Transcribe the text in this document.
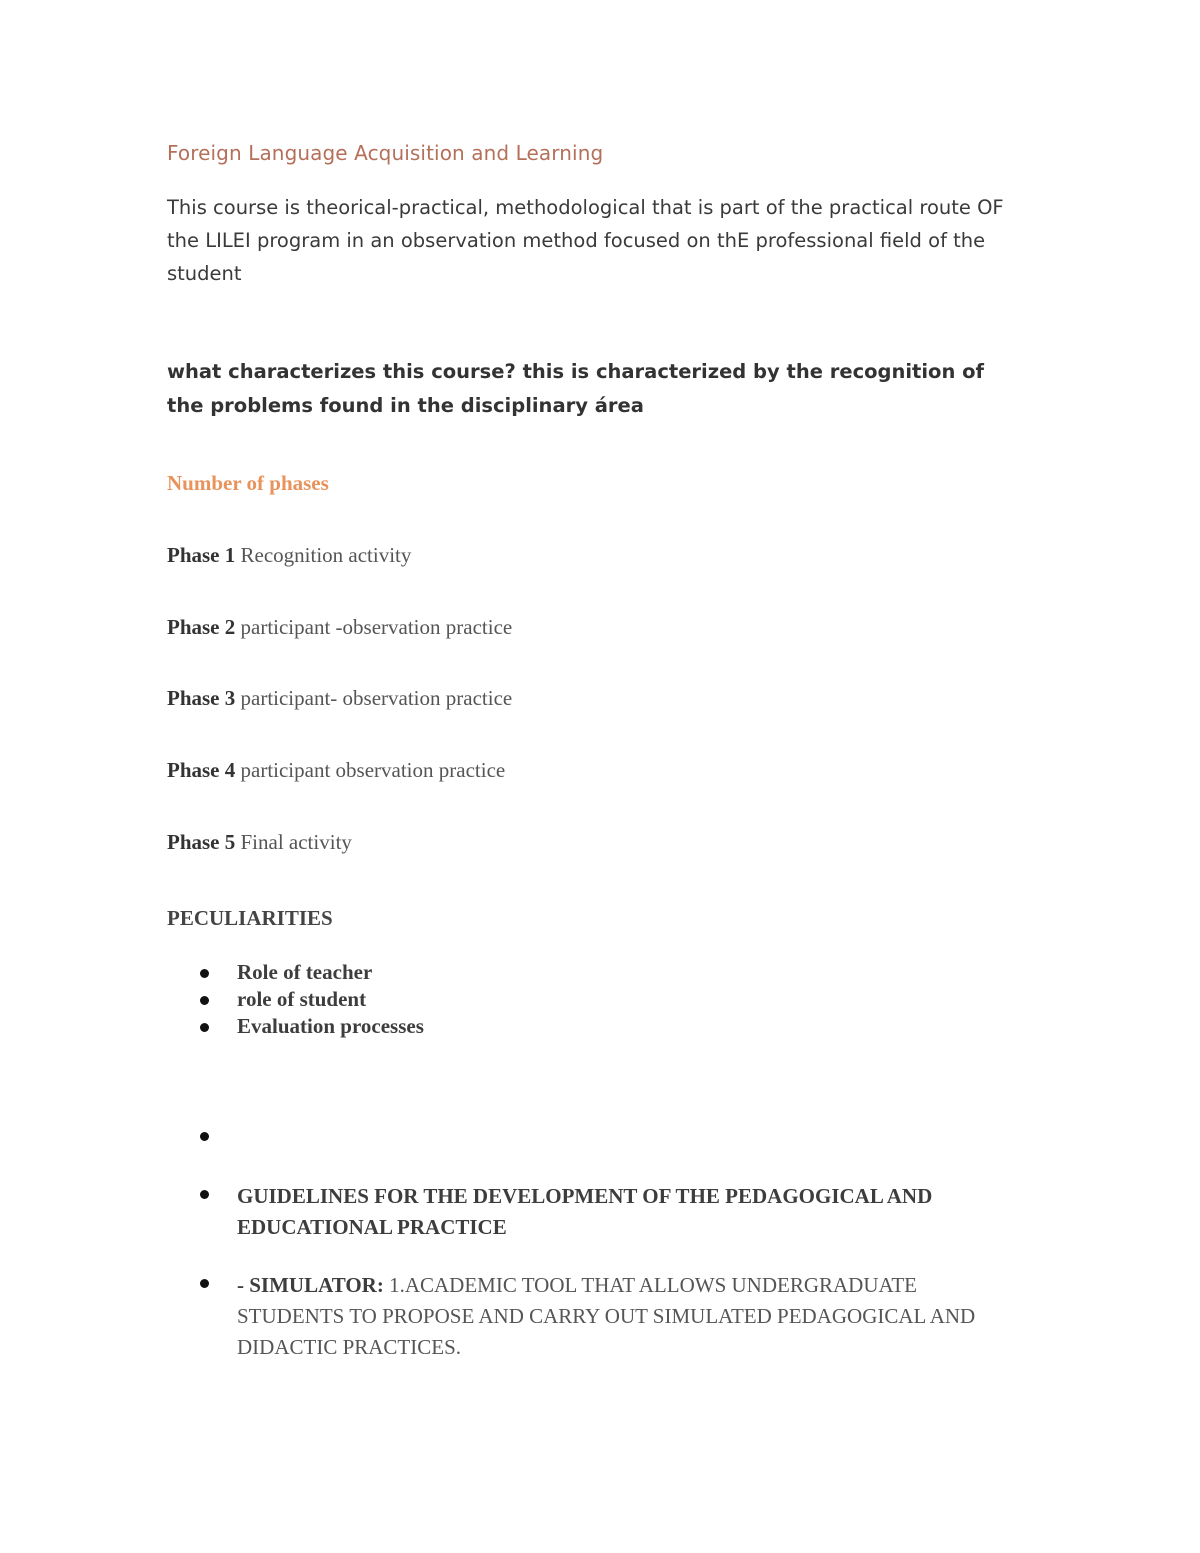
Foreign Language Acquisition and Learning

This course is theorical-practical, methodological that is part of the practical route OF the LILEI program in an observation method focused on thE professional field of the student

what characterizes this course? this is characterized by the recognition of the problems found in the disciplinary área

Number of phases

Phase 1 Recognition activity

Phase 2 participant -observation practice

Phase 3 participant- observation practice

Phase 4 participant observation practice

Phase 5 Final activity

PECULIARITIES
Role of teacher
role of student
Evaluation processes
GUIDELINES FOR THE DEVELOPMENT OF THE PEDAGOGICAL AND EDUCATIONAL PRACTICE
- SIMULATOR: 1.ACADEMIC TOOL THAT ALLOWS UNDERGRADUATE STUDENTS TO PROPOSE AND CARRY OUT SIMULATED PEDAGOGICAL AND DIDACTIC PRACTICES.
